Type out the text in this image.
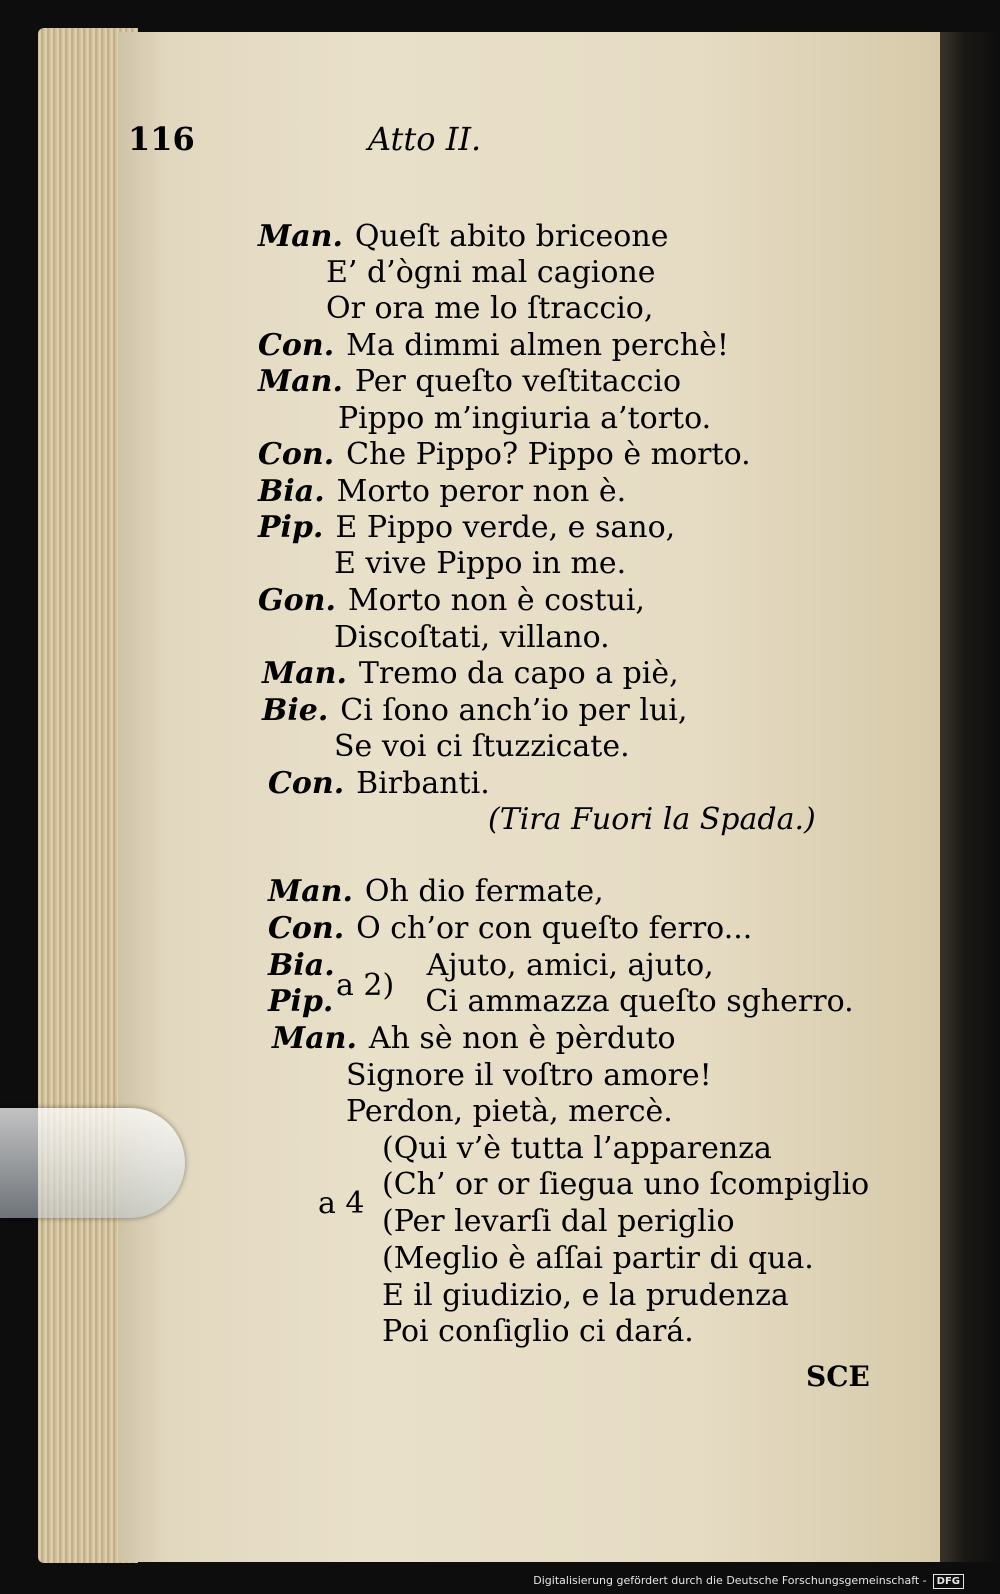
116	Atto II.
Man. Queſt abito briceone
E’ d’ògni mal cagione
Or ora me lo ſtraccio,
Con. Ma dimmi almen perchè!
Man. Per queſto veſtitaccio
Pippo m’ingiuria a’torto.
Con. Che Pippo? Pippo è morto.
Bia. Morto peror non è.
Pip. E Pippo verde, e sano,
E vive Pippo in me.
Gon. Morto non è costui,
Discoſtati, villano.
Man. Tremo da capo a piè,
Bie. Ci ſono anch’io per lui,
Se voi ci ſtuzzicate.
Con. Birbanti.
(Tira Fuori la Spada.)
Man. Oh dio fermate,
Con. O ch’or con queſto ferro...
Bia.	Ajuto, amici, ajuto,
Pip.	Ci ammazza queſto sgherro.
a 2)
Man. Ah sè non è pèrduto
Signore il voſtro amore!
Perdon, pietà, mercè.
(Qui v’è tutta l’apparenza
(Ch’ or or ſiegua uno ſcompiglio
(Per levarſi dal periglio
(Meglio è aſſai partir di qua.
E il giudizio, e la prudenza
Poi conſiglio ci dará.
a 4
SCE
Digitalisierung gefördert durch die Deutsche Forschungsgemeinschaft - DFG
